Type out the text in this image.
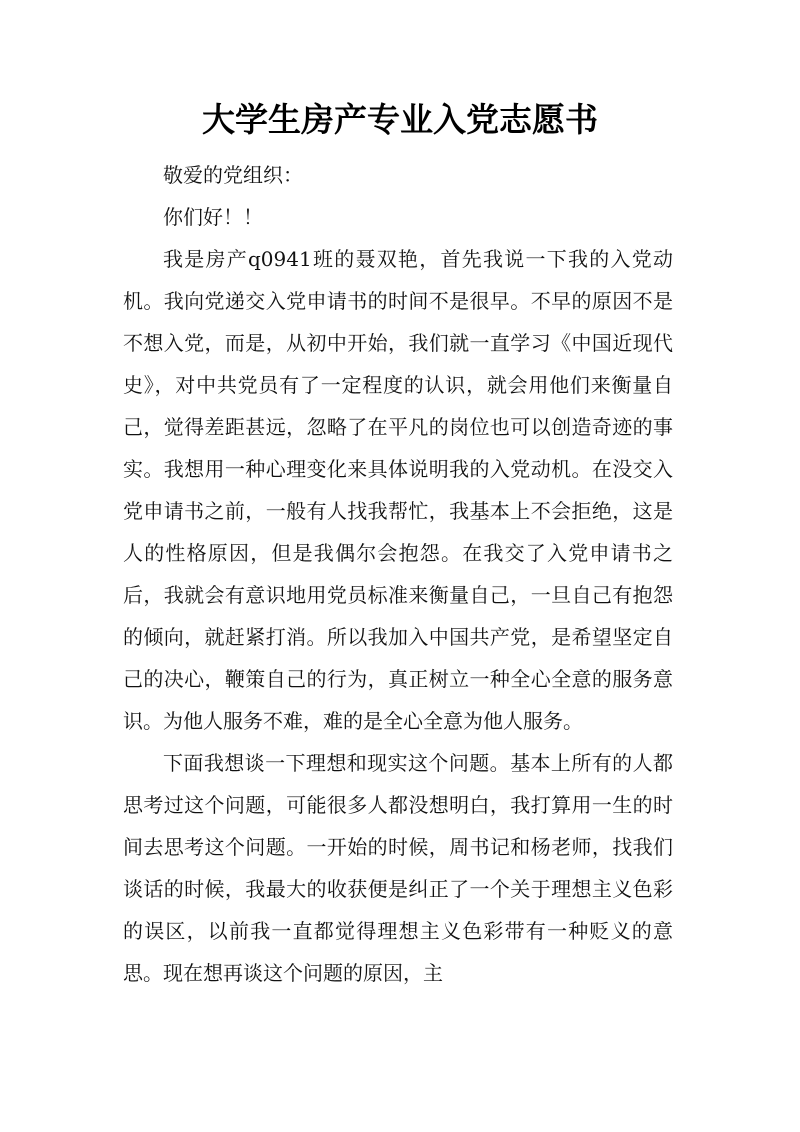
大学生房产专业入党志愿书

敬爱的党组织：

你们好！！

我是房产q0941班的聂双艳，首先我说一下我的入党动机。我向党递交入党申请书的时间不是很早。不早的原因不是不想入党，而是，从初中开始，我们就一直学习《中国近现代史》，对中共党员有了一定程度的认识，就会用他们来衡量自己，觉得差距甚远，忽略了在平凡的岗位也可以创造奇迹的事实。我想用一种心理变化来具体说明我的入党动机。在没交入党申请书之前，一般有人找我帮忙，我基本上不会拒绝，这是人的性格原因，但是我偶尔会抱怨。在我交了入党申请书之后，我就会有意识地用党员标准来衡量自己，一旦自己有抱怨的倾向，就赶紧打消。所以我加入中国共产党，是希望坚定自己的决心，鞭策自己的行为，真正树立一种全心全意的服务意识。为他人服务不难，难的是全心全意为他人服务。

下面我想谈一下理想和现实这个问题。基本上所有的人都思考过这个问题，可能很多人都没想明白，我打算用一生的时间去思考这个问题。一开始的时候，周书记和杨老师，找我们谈话的时候，我最大的收获便是纠正了一个关于理想主义色彩的误区，以前我一直都觉得理想主义色彩带有一种贬义的意思。现在想再谈这个问题的原因，主
